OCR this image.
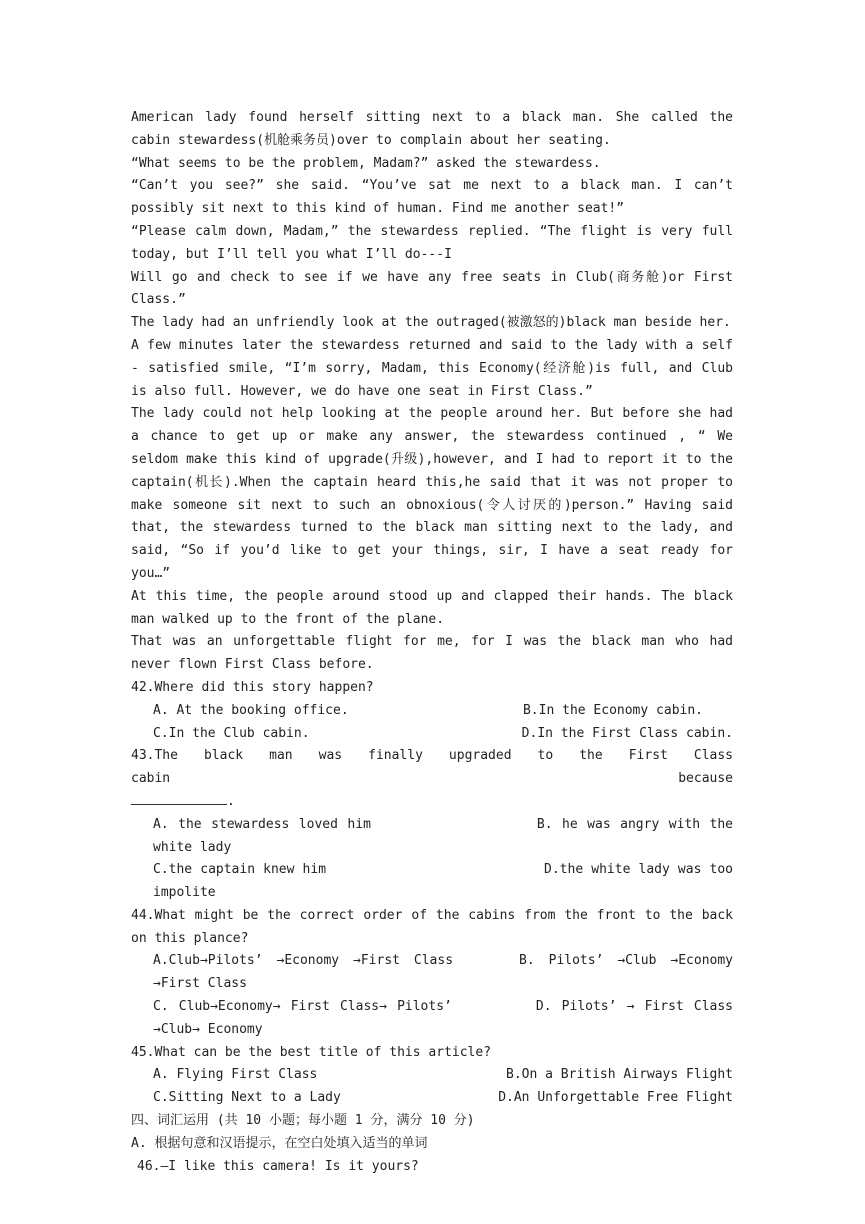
American lady found herself sitting next to a black man. She called the cabin stewardess(机舱乘务员)over to complain about her seating.

“What seems to be the problem, Madam?” asked the stewardess.

“Can’t you see?” she said. “You’ve sat me next to a black man. I can’t possibly sit next to this kind of human. Find me another seat!”

“Please calm down, Madam,” the stewardess replied. “The flight is very full today, but I’ll tell you what I’ll do---I

Will go and check to see if we have any free seats in Club(商务舱)or First Class.”

The lady had an unfriendly look at the outraged(被激怒的)black man beside her.

A few minutes later the stewardess returned and said to the lady with a self - satisfied smile, “I’m sorry, Madam, this Economy(经济舱)is full, and Club is also full. However, we do have one seat in First Class.”

The lady could not help looking at the people around her. But before she had a chance to get up or make any answer, the stewardess continued , “ We seldom make this kind of upgrade(升级),however, and I had to report it to the captain(机长).When the captain heard this,he said that it was not proper to make someone sit next to such an obnoxious(令人讨厌的)person.” Having said that, the stewardess turned to the black man sitting next to the lady, and said, “So if you’d like to get your things, sir, I have a seat ready for you…”

At this time, the people around stood up and clapped their hands. The black man walked up to the front of the plane.

That was an unforgettable flight for me, for I was the black man who had never flown First Class before.

42.Where did this story happen?

A. At the booking office.	B.In the Economy cabin.
C.In the Club cabin.	D.In the First Class cabin.

43.The black man was finally upgraded to the First Class cabin because

.

A. the stewardess loved him	B. he was angry with the white lady

C.the captain knew him	D.the white lady was too impolite

44.What might be the correct order of the cabins from the front to the back on this plance?

A.Club→Pilots’ →Economy →First Class	B. Pilots’ →Club →Economy →First Class

C. Club→Economy→ First Class→ Pilots’	D. Pilots’ → First Class →Club→ Economy

45.What can be the best title of this article?

A. Flying First Class	B.On a British Airways Flight
C.Sitting Next to a Lady	D.An Unforgettable Free Flight

四、词汇运用 (共 10 小题；每小题 1 分，满分 10 分)

A. 根据句意和汉语提示，在空白处填入适当的单词

46.—I like this camera! Is it yours?
